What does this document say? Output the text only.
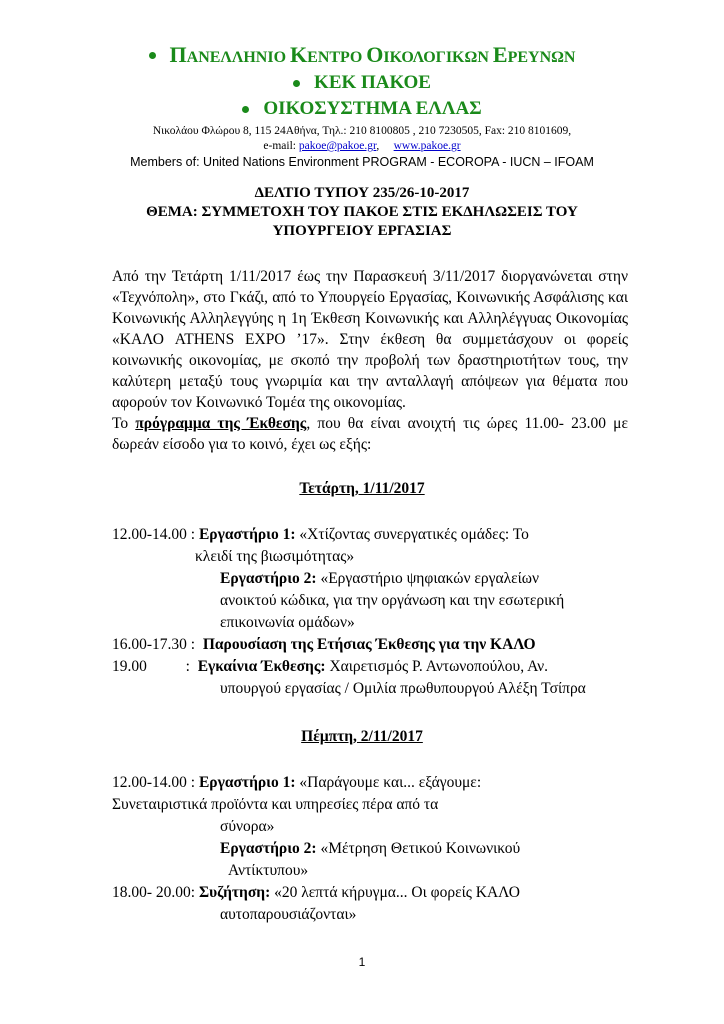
ΠΑΝΕΛΛΗΝΙΟ ΚΕΝΤΡΟ ΟΙΚΟΛΟΓΙΚΩΝ ΕΡΕΥΝΩΝ
ΚΕΚ ΠΑΚΟΕ
ΟΙΚΟΣΥΣΤΗΜΑ ΕΛΛΑΣ
Νικολάου Φλώρου 8, 115 24Αθήνα, Τηλ.: 210 8100805 , 210 7230505, Fax: 210 8101609,
e-mail: pakoe@pakoe.gr, www.pakoe.gr
Members of: United Nations Environment PROGRAM - ECOROPA - IUCN – IFOAM
ΔΕΛΤΙΟ ΤΥΠΟΥ 235/26-10-2017
ΘΕΜΑ: ΣΥΜΜΕΤΟΧΗ ΤΟΥ ΠΑΚΟΕ ΣΤΙΣ ΕΚΔΗΛΩΣΕΙΣ ΤΟΥ
ΥΠΟΥΡΓΕΙΟΥ ΕΡΓΑΣΙΑΣ
Από την Τετάρτη 1/11/2017 έως την Παρασκευή 3/11/2017 διοργανώνεται στην «Τεχνόπολη», στο Γκάζι, από το Υπουργείο Εργασίας, Κοινωνικής Ασφάλισης και Κοινωνικής Αλληλεγγύης η 1η Έκθεση Κοινωνικής και Αλληλέγγυας Οικονομίας «ΚΑΛΟ ATHENS EXPO ’17». Στην έκθεση θα συμμετάσχουν οι φορείς κοινωνικής οικονομίας, με σκοπό την προβολή των δραστηριοτήτων τους, την καλύτερη μεταξύ τους γνωριμία και την ανταλλαγή απόψεων για θέματα που αφορούν τον Κοινωνικό Τομέα της οικονομίας.
Το πρόγραμμα της Έκθεσης, που θα είναι ανοιχτή τις ώρες 11.00- 23.00 με δωρεάν είσοδο για το κοινό, έχει ως εξής:
Τετάρτη, 1/11/2017
12.00-14.00 : Εργαστήριο 1: «Χτίζοντας συνεργατικές ομάδες: Το
κλειδί της βιωσιμότητας»
Εργαστήριο 2: «Εργαστήριο ψηφιακών εργαλείων
ανοικτού κώδικα, για την οργάνωση και την εσωτερική
επικοινωνία ομάδων»
16.00-17.30 :  Παρουσίαση της Ετήσιας Έκθεσης για την ΚΑΛΟ
19.00          :  Εγκαίνια Έκθεσης: Χαιρετισμός Ρ. Αντωνοπούλου, Αν.
υπουργού εργασίας / Ομιλία πρωθυπουργού Αλέξη Τσίπρα
Πέμπτη, 2/11/2017
12.00-14.00 : Εργαστήριο 1: «Παράγουμε και... εξάγουμε:
Συνεταιριστικά προϊόντα και υπηρεσίες πέρα από τα
σύνορα»
Εργαστήριο 2: «Μέτρηση Θετικού Κοινωνικού
Αντίκτυπου»
18.00- 20.00: Συζήτηση: «20 λεπτά κήρυγμα... Οι φορείς ΚΑΛΟ
αυτοπαρουσιάζονται»
1
